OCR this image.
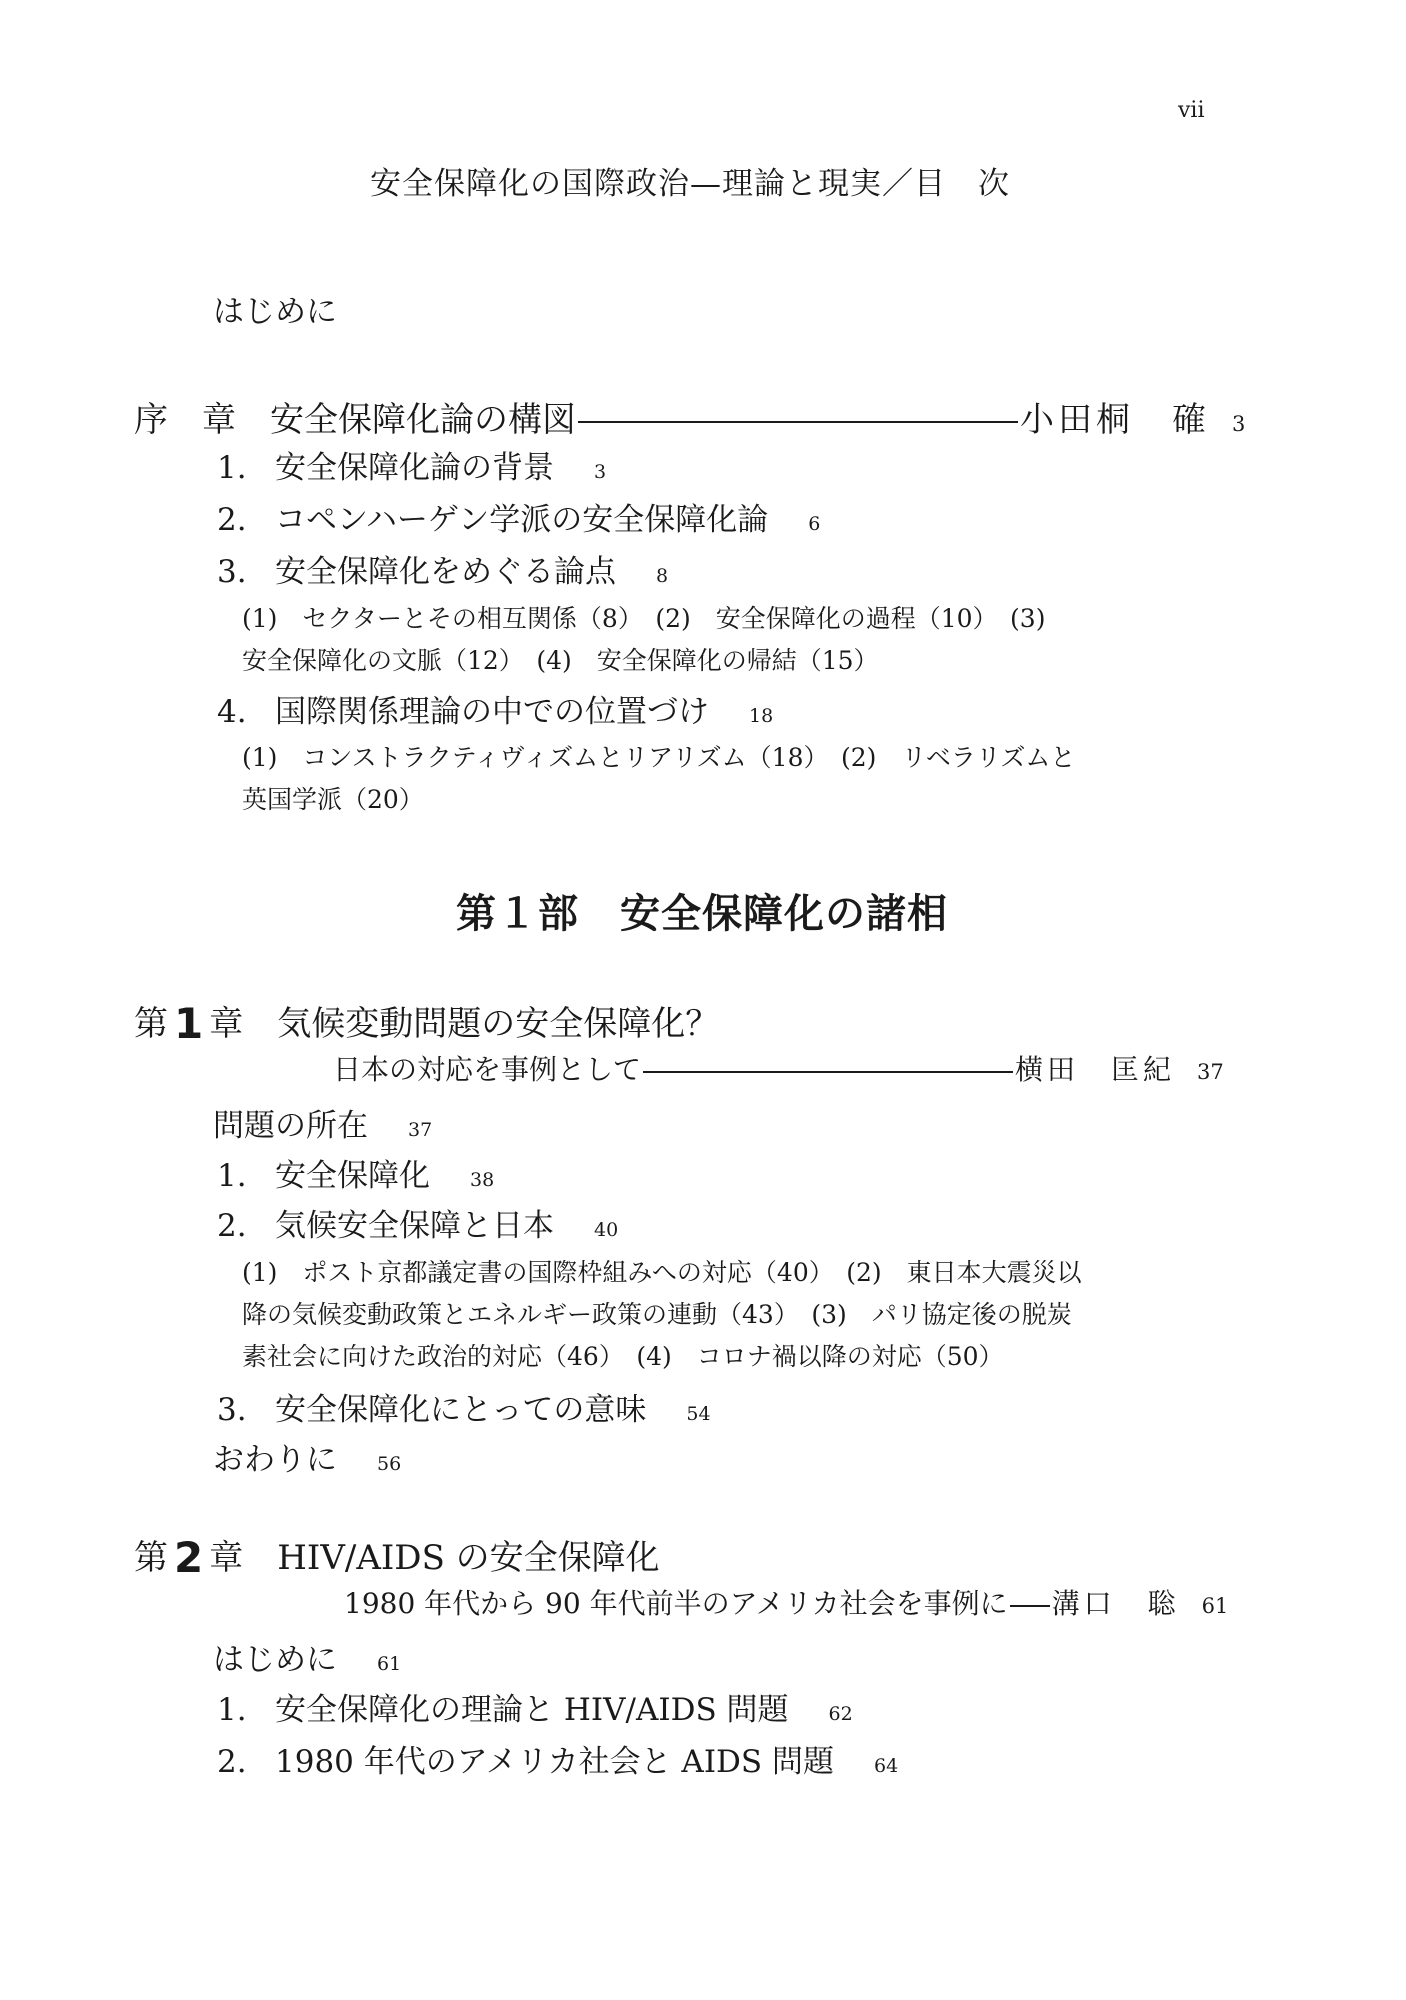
vii
安全保障化の国際政治—理論と現実／目　次
はじめに
序 章 安全保障化論の構図	小田桐　確 3
1. 安全保障化論の背景 3
2. コペンハーゲン学派の安全保障化論 6
3. 安全保障化をめぐる論点 8
(1)　セクターとその相互関係（8）　(2)　安全保障化の過程（10）　(3)
安全保障化の文脈（12）　(4)　安全保障化の帰結（15）
4. 国際関係理論の中での位置づけ 18
(1)　コンストラクティヴィズムとリアリズム（18）　(2)　リベラリズムと
英国学派（20）
第１部　安全保障化の諸相
第 1 章 気候変動問題の安全保障化？
日本の対応を事例として	横田　匡紀 37
問題の所在 37
1. 安全保障化 38
2. 気候安全保障と日本 40
(1)　ポスト京都議定書の国際枠組みへの対応（40）　(2)　東日本大震災以
降の気候変動政策とエネルギー政策の連動（43）　(3)　パリ協定後の脱炭
素社会に向けた政治的対応（46）　(4)　コロナ禍以降の対応（50）
3. 安全保障化にとっての意味 54
おわりに 56
第 2 章 HIV/AIDS の安全保障化
1980 年代から 90 年代前半のアメリカ社会を事例に 溝口　聡 61
はじめに 61
1. 安全保障化の理論と HIV/AIDS 問題 62
2. 1980 年代のアメリカ社会と AIDS 問題 64
